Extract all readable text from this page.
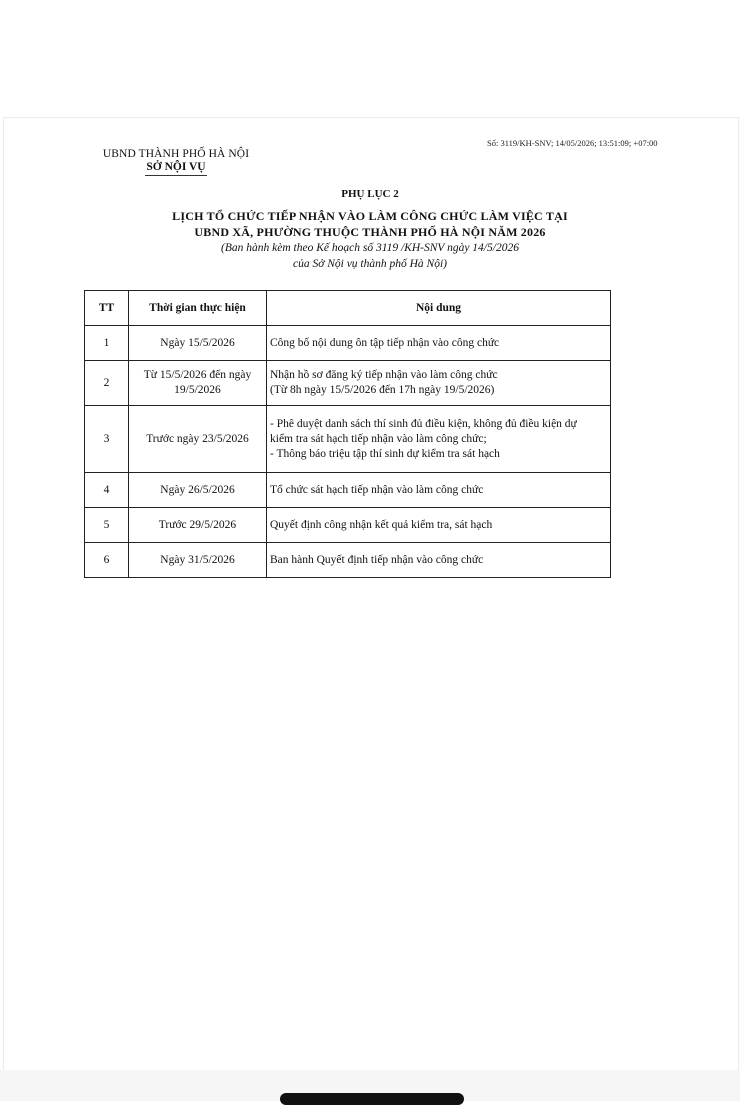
Số: 3119/KH-SNV; 14/05/2026; 13:51:09; +07:00
UBND THÀNH PHỐ HÀ NỘI
SỞ NỘI VỤ
PHỤ LỤC 2
LỊCH TỔ CHỨC TIẾP NHẬN VÀO LÀM CÔNG CHỨC LÀM VIỆC TẠI
UBND XÃ, PHƯỜNG THUỘC THÀNH PHỐ HÀ NỘI NĂM 2026
(Ban hành kèm theo Kế hoạch số 3119 /KH-SNV ngày 14/5/2026
của Sở Nội vụ thành phố Hà Nội)
TT	Thời gian thực hiện	Nội dung
1	Ngày 15/5/2026	Công bố nội dung ôn tập tiếp nhận vào công chức

2	Từ 15/5/2026 đến ngày
19/5/2026	Nhận hồ sơ đăng ký tiếp nhận vào làm công chức
(Từ 8h ngày 15/5/2026 đến 17h ngày 19/5/2026)

3	Trước ngày 23/5/2026	- Phê duyệt danh sách thí sinh đủ điều kiện, không đủ điều kiện dự
kiểm tra sát hạch tiếp nhận vào làm công chức;
- Thông báo triệu tập thí sinh dự kiểm tra sát hạch

4	Ngày 26/5/2026	Tổ chức sát hạch tiếp nhận vào làm công chức

5	Trước 29/5/2026	Quyết định công nhận kết quả kiểm tra, sát hạch

6	Ngày 31/5/2026	Ban hành Quyết định tiếp nhận vào công chức
